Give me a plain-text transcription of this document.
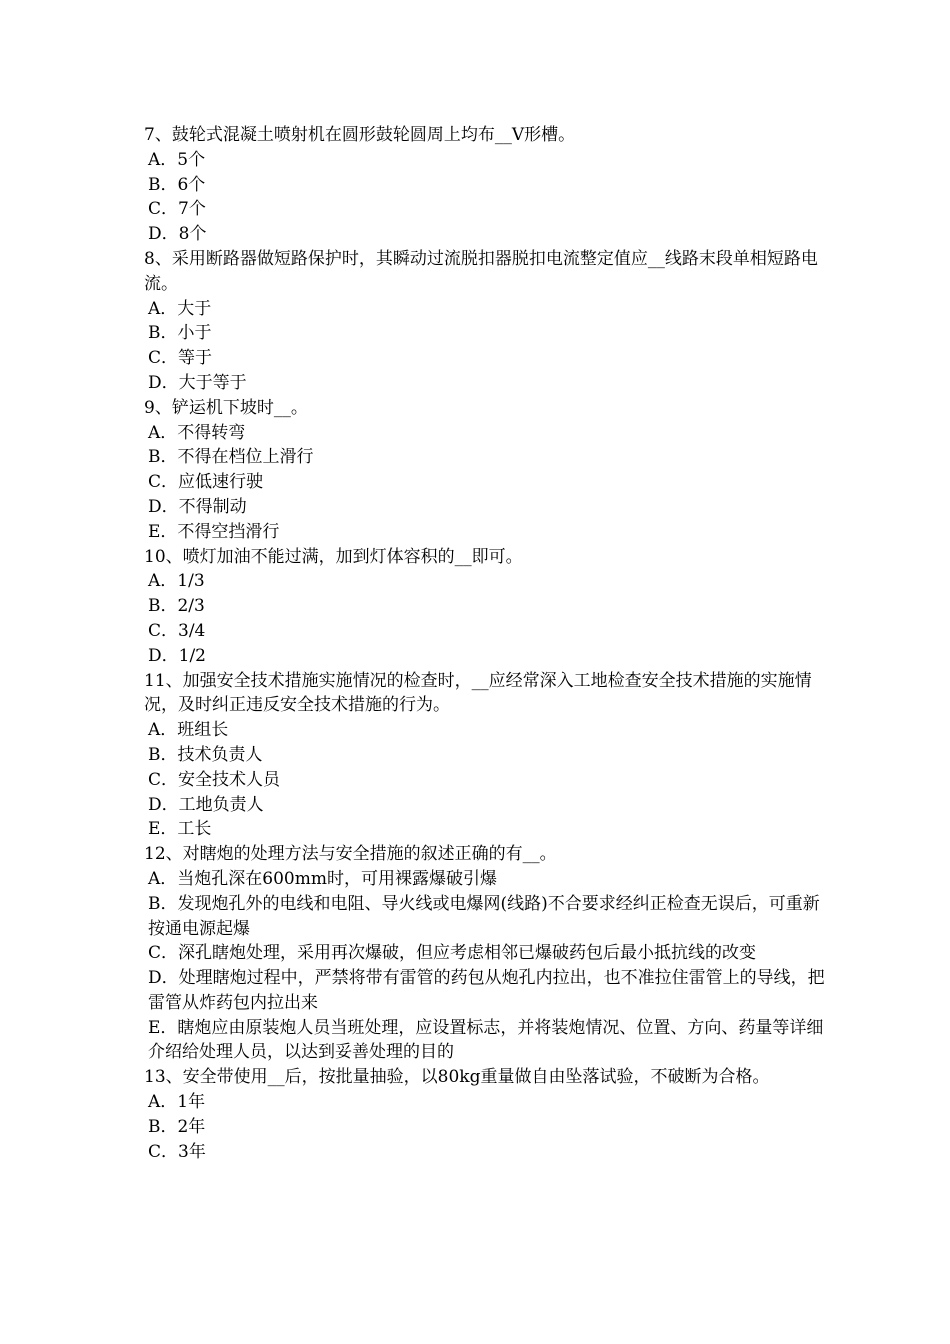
7、鼓轮式混凝土喷射机在圆形鼓轮圆周上均布__V形槽。

A．5个

B．6个

C．7个

D．8个

8、采用断路器做短路保护时，其瞬动过流脱扣器脱扣电流整定值应__线路末段单相短路电流。

A．大于

B．小于

C．等于

D．大于等于

9、铲运机下坡时__。

A．不得转弯

B．不得在档位上滑行

C．应低速行驶

D．不得制动

E．不得空挡滑行

10、喷灯加油不能过满，加到灯体容积的__即可。

A．1/3

B．2/3

C．3/4

D．1/2

11、加强安全技术措施实施情况的检查时，__应经常深入工地检查安全技术措施的实施情况，及时纠正违反安全技术措施的行为。

A．班组长

B．技术负责人

C．安全技术人员

D．工地负责人

E．工长

12、对瞎炮的处理方法与安全措施的叙述正确的有__。

A．当炮孔深在600mm时，可用裸露爆破引爆

B．发现炮孔外的电线和电阻、导火线或电爆网(线路)不合要求经纠正检查无误后，可重新按通电源起爆

C．深孔瞎炮处理，采用再次爆破，但应考虑相邻已爆破药包后最小抵抗线的改变

D．处理瞎炮过程中，严禁将带有雷管的药包从炮孔内拉出，也不准拉住雷管上的导线，把雷管从炸药包内拉出来

E．瞎炮应由原装炮人员当班处理，应设置标志，并将装炮情况、位置、方向、药量等详细介绍给处理人员，以达到妥善处理的目的

13、安全带使用__后，按批量抽验，以80kg重量做自由坠落试验，不破断为合格。

A．1年

B．2年

C．3年
